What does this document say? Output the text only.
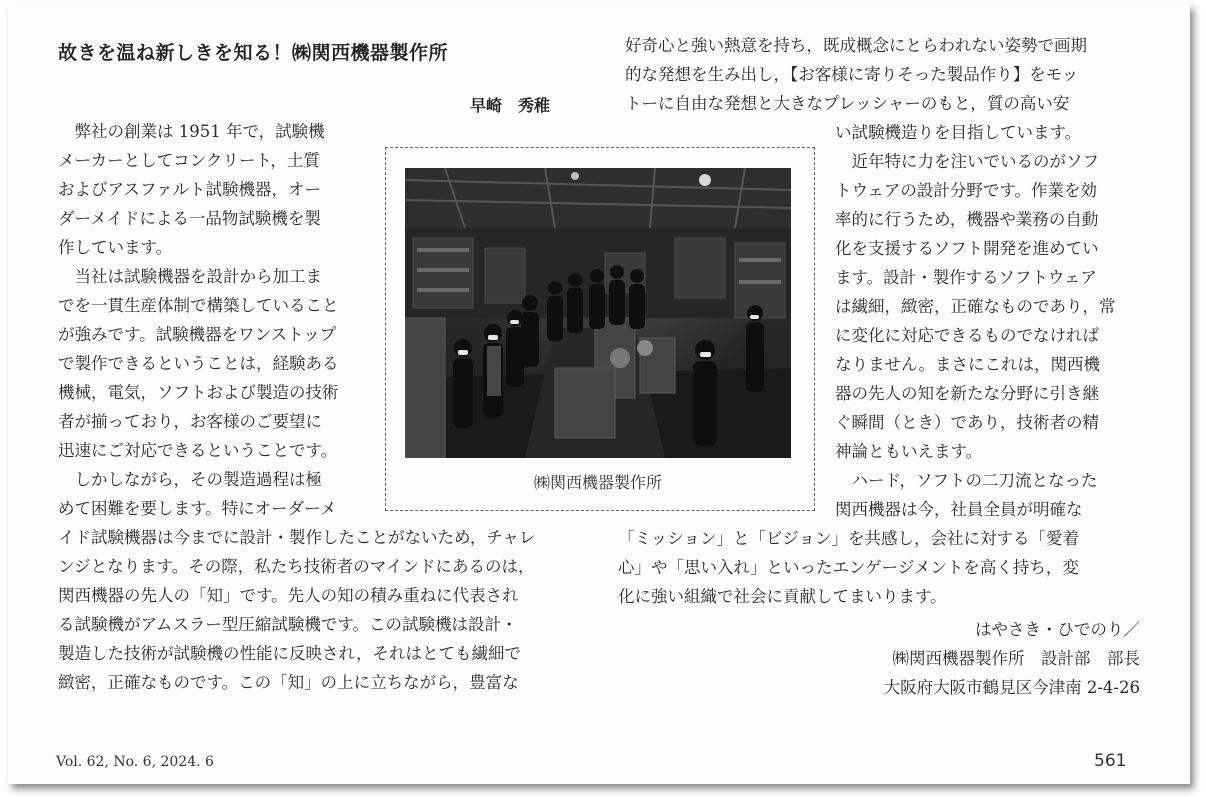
故きを温ね新しきを知る！㈱関西機器製作所
早崎　秀稚
　弊社の創業は 1951 年で，試験機
メーカーとしてコンクリート，土質
およびアスファルト試験機器，オー
ダーメイドによる一品物試験機を製
作しています。
　当社は試験機器を設計から加工ま
でを一貫生産体制で構築していること
が強みです。試験機器をワンストップ
で製作できるということは，経験ある
機械，電気，ソフトおよび製造の技術
者が揃っており，お客様のご要望に
迅速にご対応できるということです。
　しかしながら，その製造過程は極
めて困難を要します。特にオーダーメ
イド試験機器は今までに設計・製作したことがないため，チャレ
ンジとなります。その際，私たち技術者のマインドにあるのは，
関西機器の先人の「知」です。先人の知の積み重ねに代表され
る試験機がアムスラー型圧縮試験機です。この試験機は設計・
製造した技術が試験機の性能に反映され，それはとても繊細で
緻密，正確なものです。この「知」の上に立ちながら，豊富な
好奇心と強い熱意を持ち，既成概念にとらわれない姿勢で画期
的な発想を生み出し，【お客様に寄りそった製品作り】をモッ
トーに自由な発想と大きなプレッシャーのもと，質の高い安
い試験機造りを目指しています。
　近年特に力を注いでいるのがソフ
トウェアの設計分野です。作業を効
率的に行うため，機器や業務の自動
化を支援するソフト開発を進めてい
ます。設計・製作するソフトウェア
は繊細，緻密，正確なものであり，常
に変化に対応できるものでなければ
なりません。まさにこれは，関西機
器の先人の知を新たな分野に引き継
ぐ瞬間（とき）であり，技術者の精
神論ともいえます。
　ハード，ソフトの二刀流となった
関西機器は今，社員全員が明確な
「ミッション」と「ビジョン」を共感し，会社に対する「愛着
心」や「思い入れ」といったエンゲージメントを高く持ち，変
化に強い組織で社会に貢献してまいります。
はやさき・ひでのり／
㈱関西機器製作所　設計部　部長
大阪府大阪市鶴見区今津南 2-4-26
㈱関西機器製作所
Vol. 62, No. 6, 2024. 6	561
